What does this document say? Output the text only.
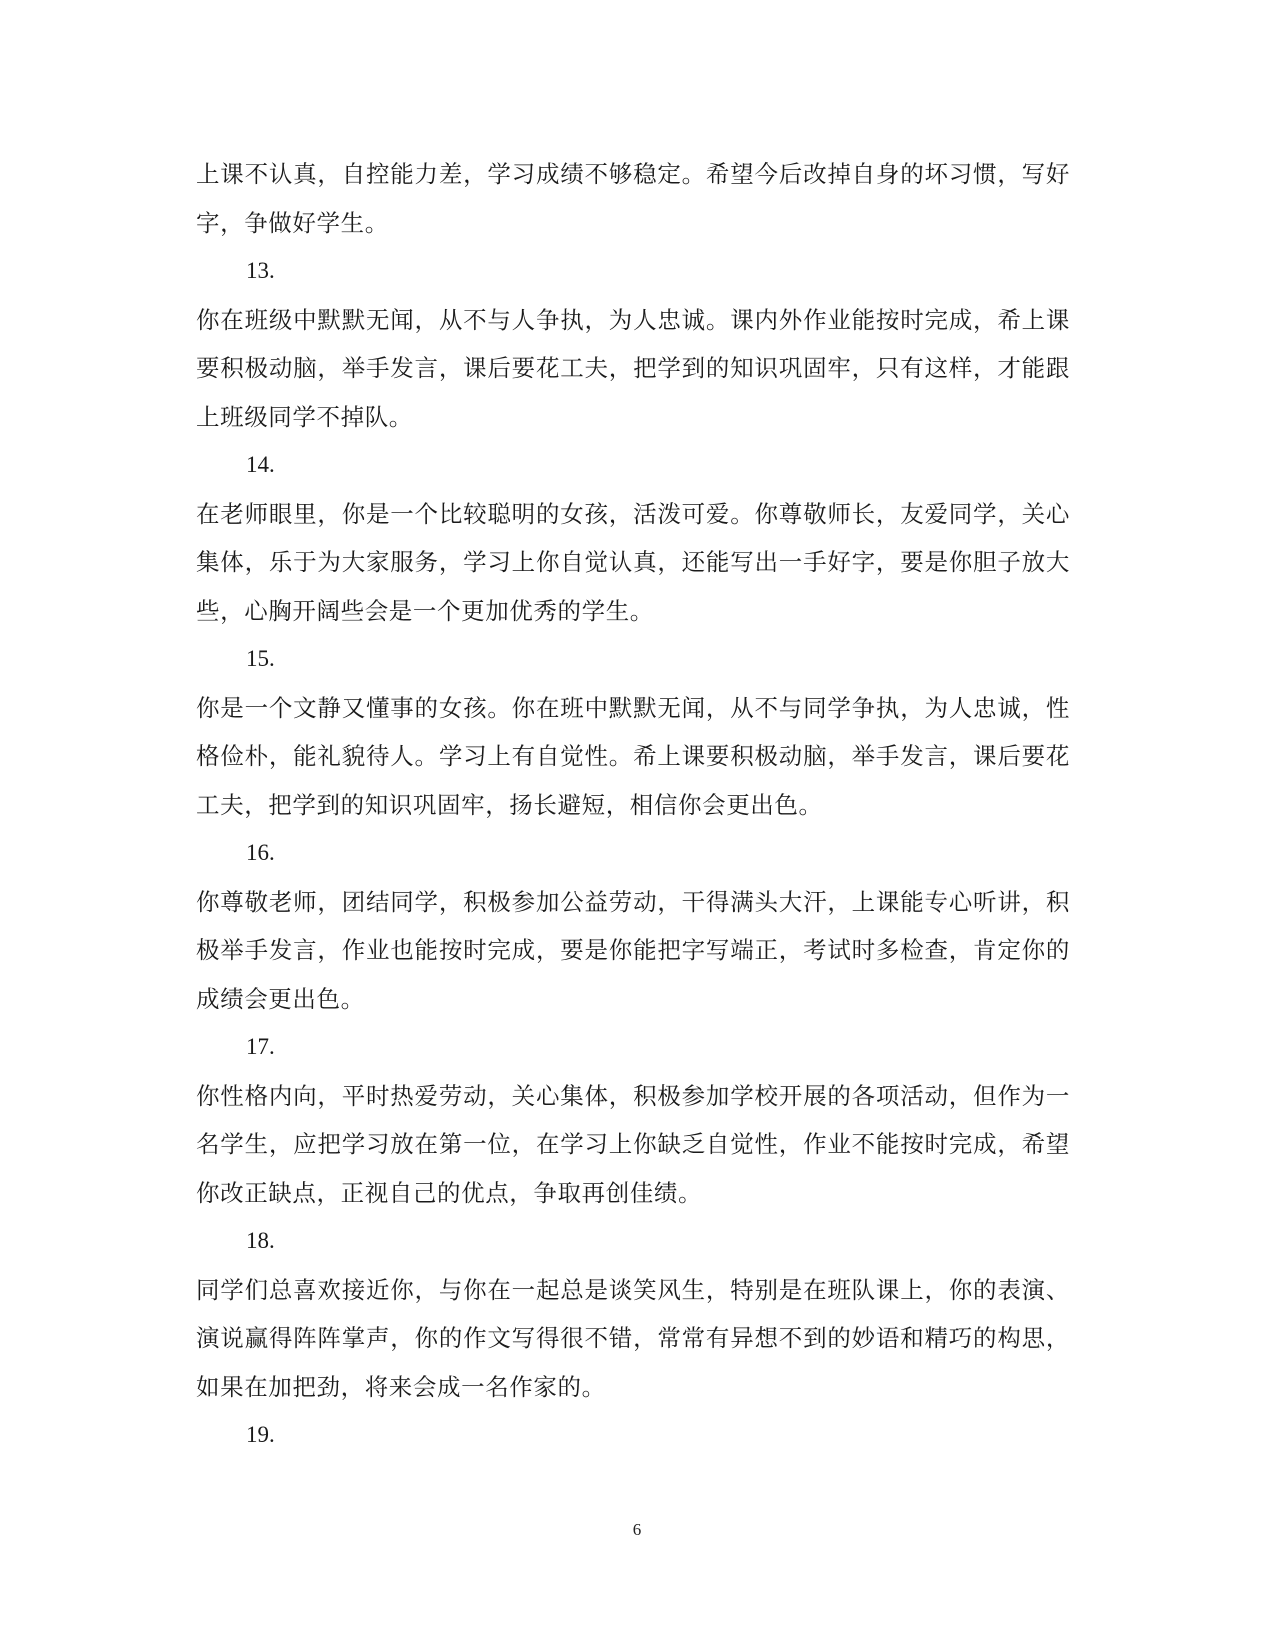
上课不认真，自控能力差，学习成绩不够稳定。希望今后改掉自身的坏习惯，写好字，争做好学生。

13.

你在班级中默默无闻，从不与人争执，为人忠诚。课内外作业能按时完成，希上课要积极动脑，举手发言，课后要花工夫，把学到的知识巩固牢，只有这样，才能跟上班级同学不掉队。

14.

在老师眼里，你是一个比较聪明的女孩，活泼可爱。你尊敬师长，友爱同学，关心集体，乐于为大家服务，学习上你自觉认真，还能写出一手好字，要是你胆子放大些，心胸开阔些会是一个更加优秀的学生。

15.

你是一个文静又懂事的女孩。你在班中默默无闻，从不与同学争执，为人忠诚，性格俭朴，能礼貌待人。学习上有自觉性。希上课要积极动脑，举手发言，课后要花工夫，把学到的知识巩固牢，扬长避短，相信你会更出色。

16.

你尊敬老师，团结同学，积极参加公益劳动，干得满头大汗，上课能专心听讲，积极举手发言，作业也能按时完成，要是你能把字写端正，考试时多检查，肯定你的成绩会更出色。

17.

你性格内向，平时热爱劳动，关心集体，积极参加学校开展的各项活动，但作为一名学生，应把学习放在第一位，在学习上你缺乏自觉性，作业不能按时完成，希望你改正缺点，正视自己的优点，争取再创佳绩。

18.

同学们总喜欢接近你，与你在一起总是谈笑风生，特别是在班队课上，你的表演、演说赢得阵阵掌声，你的作文写得很不错，常常有异想不到的妙语和精巧的构思，如果在加把劲，将来会成一名作家的。

19.

6
